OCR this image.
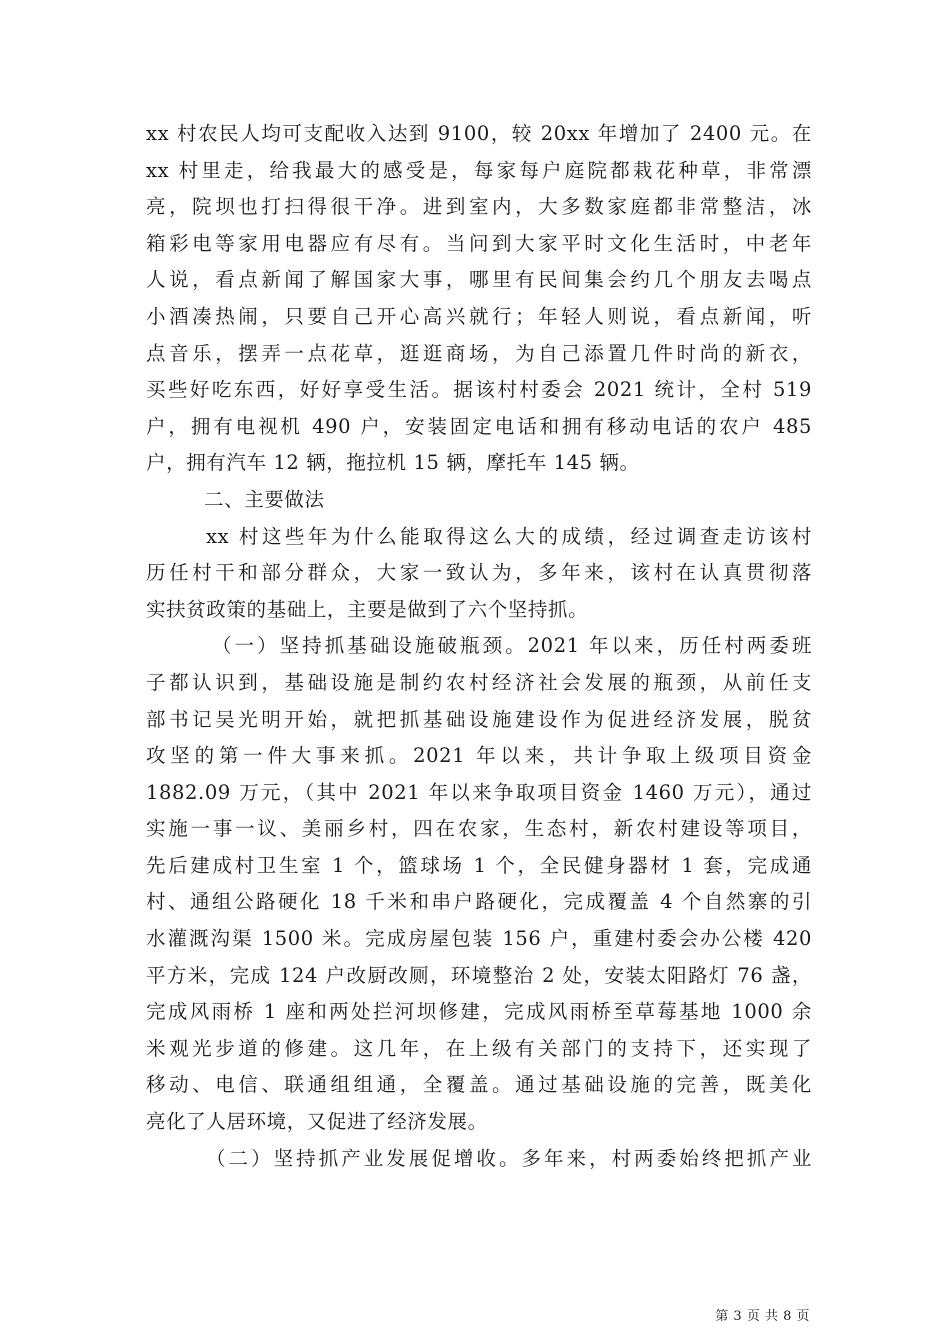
xx 村农民人均可支配收入达到 9100，较 20xx 年增加了 2400 元。在
xx 村里走，给我最大的感受是，每家每户庭院都栽花种草，非常漂
亮，院坝也打扫得很干净。进到室内，大多数家庭都非常整洁，冰
箱彩电等家用电器应有尽有。当问到大家平时文化生活时，中老年
人说，看点新闻了解国家大事，哪里有民间集会约几个朋友去喝点
小酒凑热闹，只要自己开心高兴就行；年轻人则说，看点新闻，听
点音乐，摆弄一点花草，逛逛商场，为自己添置几件时尚的新衣，
买些好吃东西，好好享受生活。据该村村委会 2021 统计，全村 519
户，拥有电视机 490 户，安装固定电话和拥有移动电话的农户 485
户，拥有汽车 12 辆，拖拉机 15 辆，摩托车 145 辆。
二、主要做法
xx 村这些年为什么能取得这么大的成绩，经过调查走访该村
历任村干和部分群众，大家一致认为，多年来，该村在认真贯彻落
实扶贫政策的基础上，主要是做到了六个坚持抓。
（一）坚持抓基础设施破瓶颈。2021 年以来，历任村两委班
子都认识到，基础设施是制约农村经济社会发展的瓶颈，从前任支
部书记吴光明开始，就把抓基础设施建设作为促进经济发展，脱贫
攻坚的第一件大事来抓。2021 年以来，共计争取上级项目资金
1882.09 万元，（其中 2021 年以来争取项目资金 1460 万元），通过
实施一事一议、美丽乡村，四在农家，生态村，新农村建设等项目，
先后建成村卫生室 1 个，篮球场 1 个，全民健身器材 1 套，完成通
村、通组公路硬化 18 千米和串户路硬化，完成覆盖 4 个自然寨的引
水灌溉沟渠 1500 米。完成房屋包装 156 户，重建村委会办公楼 420
平方米，完成 124 户改厨改厕，环境整治 2 处，安装太阳路灯 76 盏，
完成风雨桥 1 座和两处拦河坝修建，完成风雨桥至草莓基地 1000 余
米观光步道的修建。这几年，在上级有关部门的支持下，还实现了
移动、电信、联通组组通，全覆盖。通过基础设施的完善，既美化
亮化了人居环境，又促进了经济发展。
（二）坚持抓产业发展促增收。多年来，村两委始终把抓产业
第 3 页 共 8 页
